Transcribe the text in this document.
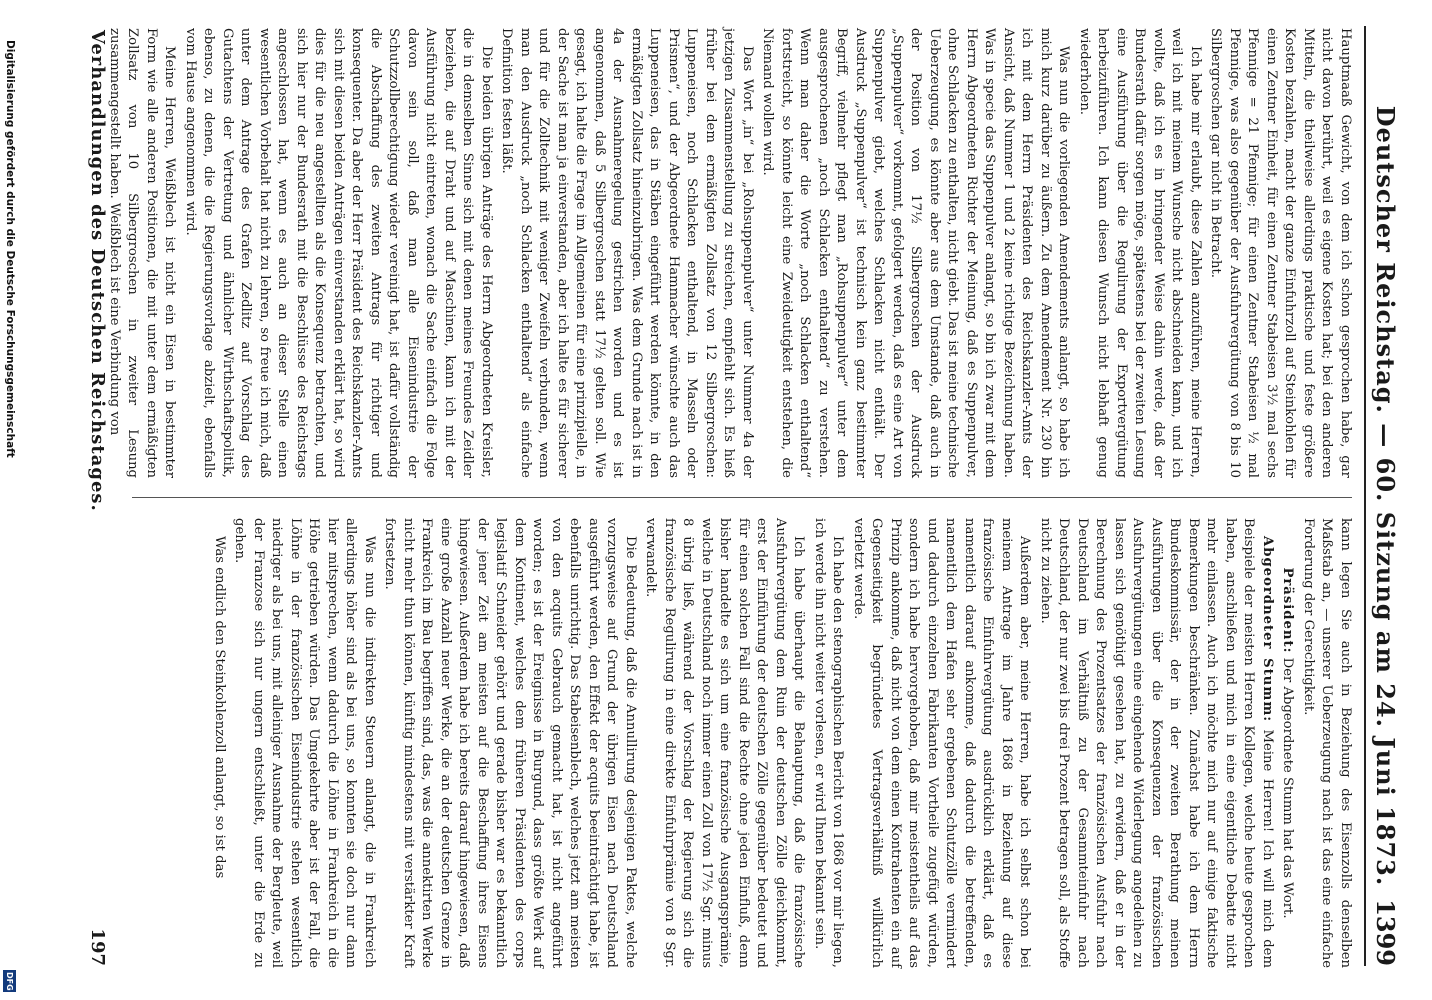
Deutscher Reichstag. — 60. Sitzung am 24. Juni 1873.
1399

Hauptmaaß Gewicht, von dem ich schon gesprochen habe, gar nicht davon berührt, weil es eigene Kosten hat; bei den anderen Mitteln, die theilweise allerdings praktische und feste größere Kosten bezahlen, macht der ganze Einfuhrzoll auf Steinkohlen für einen Zentner Einheit, für einen Zentner Stabeisen 3½ mal sechs Pfennige = 21 Pfennige; für einen Zentner Stabeisen ½ mal Pfennige, was also gegenüber der Ausfuhrvergütung von 8 bis 10 Silbergroschen gar nicht in Betracht.

Ich habe mir erlaubt, diese Zahlen anzuführen, meine Herren, weil ich mit meinem Wunsche nicht abschneiden kann, und ich wollte, daß ich es in bringender Weise dahin werde, daß der Bundesrath dafür sorgen möge, spätestens bei der zweiten Lesung eine Ausführung über die Regulirung der Exportvergütung herbeizuführen. Ich kann diesen Wunsch nicht lebhaft genug wiederholen.

Was nun die vorliegenden Amendements anlangt, so habe ich mich kurz darüber zu äußern. Zu dem Amendement Nr. 230 bin ich mit dem Herrn Präsidenten des Reichskanzler-Amts der Ansicht, daß Nummer 1 und 2 keine richtige Bezeichnung haben. Was in specie das Suppenpulver anlangt, so bin ich zwar mit dem Herrn Abgeordneten Richter der Meinung, daß es Suppenpulver, ohne Schlacken zu enthalten, nicht giebt. Das ist meine technische Ueberzeugung, es könnte aber aus dem Umstande, daß auch in der Position von 17½ Silbergroschen der Ausdruck „Suppenpulver“ vorkommt, gefolgert werden, daß es eine Art von Suppenpulver giebt, welches Schlacken nicht enthält. Der Ausdruck „Suppenpulver“ ist technisch kein ganz bestimmter Begriff, vielmehr pflegt man „Rohsuppenpulver“ unter dem ausgesprochenen „noch Schlacken enthaltend“ zu verstehen. Wenn man daher die Worte „noch Schlacken enthaltend“ fortstreicht, so könnte leicht eine Zweideutigkeit entstehen, die Niemand wollen wird.

Das Wort „in“ bei „Rohsuppenpulver“ unter Nummer 4a der jetzigen Zusammenstellung zu streichen, empfiehlt sich. Es hieß früher bei dem ermäßigten Zollsatz von 12 Silbergroschen: Luppeneisen, noch Schlacken enthaltend, in Masseln oder Prismen“, und der Abgeordnete Hammacher wünschte auch das Luppeneisen, das in Stäben eingeführt werden könnte, in den ermäßigten Zollsatz hineinzubringen. Was dem Grunde nach ist in 4a der Ausnahmeregelung gestrichen worden und es ist angenommen, daß 5 Silbergroschen statt 17½ gelten soll. Wie gesagt, ich halte die Frage im Allgemeinen für eine prinzipielle, in der Sache ist man ja einverstanden, aber ich halte es für sicherer und für die Zolltechnik mit weniger Zweifeln verbunden, wenn man den Ausdruck „noch Schlacken enthaltend“ als einfache Definition festen läßt.

Die beiden übrigen Anträge des Herrn Abgeordneten Kreisler, die in demselben Sinne sich mit denen meines Freundes Zeidler beziehen, die auf Draht und auf Maschinen, kann ich mit der Ausführung nicht eintreten, wonach die Sache einfach die Folge davon sein soll, daß man alle Eisenindustrie der Schutzzollberechtigung wieder vereinigt hat, ist dafür vollständig die Abschaffung des zweiten Antrags für richtiger und konsequenter. Da aber der Herr Präsident des Reichskanzler-Amts sich mit diesen beiden Anträgen einverstanden erklärt hat, so wird dies für die neu angestellten als die Konsequenz betrachten, und sich hier nur der Bundesrath mit die Beschlüsse des Reichstags angeschlossen hat, wenn es auch an dieser Stelle einen wesentlichen Vorbehalt hat nicht zu lehren, so freue ich mich, daß unter dem Antrage des Grafen Zedlitz auf Vorschlag des Gutachtens der Vertretung und ähnlicher Wirthschaftspolitik, ebenso, zu denen, die die Regierungsvorlage abzielt, ebenfalls vom Hause angenommen wird.

Meine Herren, Weißblech ist nicht ein Eisen in bestimmter Form wie alle anderen Positionen, die mit unter dem ermäßigten Zollsatz von 10 Silbergroschen in zweiter Lesung zusammengestellt haben. Weißblech ist eine Verbindung von

kann legen Sie auch in Beziehung des Eisenzolls denselben Maßstab an, — unserer Ueberzeugung nach ist das eine einfache Forderung der Gerechtigkeit.

Präsident: Der Abgeordnete Stumm hat das Wort.

Abgeordneter Stumm: Meine Herren! Ich will mich dem Beispiele der meisten Herren Kollegen, welche heute gesprochen haben, anschließen und mich in eine eigentliche Debatte nicht mehr einlassen. Auch ich möchte mich nur auf einige faktische Bemerkungen beschränken. Zunächst habe ich dem Herrn Bundeskommissär, der in der zweiten Berathung meinen Ausführungen über die Konsequenzen der französischen Ausfuhrvergütungen eine eingehende Widerlegung angedeihen zu lassen sich genöthigt gesehen hat, zu erwidern, daß er in der Berechnung des Prozentsatzes der französischen Ausfuhr nach Deutschland im Verhältniß zu der Gesammteinfuhr nach Deutschland, der nur zwei bis drei Prozent betragen soll, als Stoffe nicht zu ziehen.

Außerdem aber, meine Herren, habe ich selbst schon bei meinem Antrage im Jahre 1868 in Beziehung auf diese französische Einfuhrvergütung ausdrücklich erklärt, daß es namentlich darauf ankomme, daß dadurch die betreffenden, namentlich dem Hafen sehr ergebenen Schutzzölle vermindert und dadurch einzelnen Fabrikanten Vortheile zugefügt würden, sondern ich habe hervorgehoben, daß mir meistentheils auf das Prinzip ankomme, daß nicht von dem einen Kontrahenten ein auf Gegenseitigkeit begründetes Vertragsverhältniß willkürlich verletzt werde.

Ich habe den stenographischen Bericht von 1868 vor mir liegen, ich werde ihn nicht weiter vorlesen, er wird Ihnen bekannt sein.

Ich habe überhaupt die Behauptung, daß die französische Ausfuhrvergütung dem Ruin der deutschen Zölle gleichkommt, erst der Einführung der deutschen Zölle gegenüber bedeutet und für einen solchen Fall sind die Rechte ohne jeden Einfluß, denn bisher handelte es sich um eine französische Ausgangsprämie, welche in Deutschland noch immer einen Zoll von 17½ Sgr. minus 8 übrig ließ, während der Vorschlag der Regierung sich die französische Regulirung in eine direkte Einfuhrprämie von 8 Sgr. verwandelt.

Die Bedeutung, daß die Annullirung desjenigen Paktes, welche vorzugsweise auf Grund der übrigen Eisen nach Deutschland ausgeführt werden, den Effekt der acquits beeinträchtigt habe, ist ebenfalls unrichtig. Das Stabeisenblech, welches jetzt am meisten von den acquits Gebrauch gemacht hat, ist nicht angeführt worden; es ist der Ereignisse in Burgund, dass größte Werk auf dem Kontinent, welches dem früheren Präsidenten des corps legislatif Schneider gehört und gerade bisher war es bekanntlich der jener Zeit am meisten auf die Beschaffung ihres Eisens hingewiesen. Außerdem habe ich bereits darauf hingewiesen, daß eine große Anzahl neuer Werke, die an der deutschen Grenze in Frankreich im Bau begriffen sind, das, was die annektirten Werke nicht mehr thun können, künftig mindestens mit verstärkter Kraft fortsetzen.

Was nun die indirekten Steuern anlangt, die in Frankreich allerdings höher sind als bei uns, so konnten sie doch nur dann hier mitsprechen, wenn dadurch die Löhne in Frankreich in die Höhe getrieben würden. Das Umgekehrte aber ist der Fall, die Löhne in der französischen Eisenindustrie stehen wesentlich niedriger als bei uns, mit alleiniger Ausnahme der Bergleute, weil der Franzose sich nur ungern entschließt, unter die Erde zu gehen.

Was endlich den Steinkohlenzoll anlangt, so ist das

Verhandlungen des Deutschen Reichstages.
197
Digitalisierung gefördert durch die Deutsche Forschungsgemeinschaft
DFG
